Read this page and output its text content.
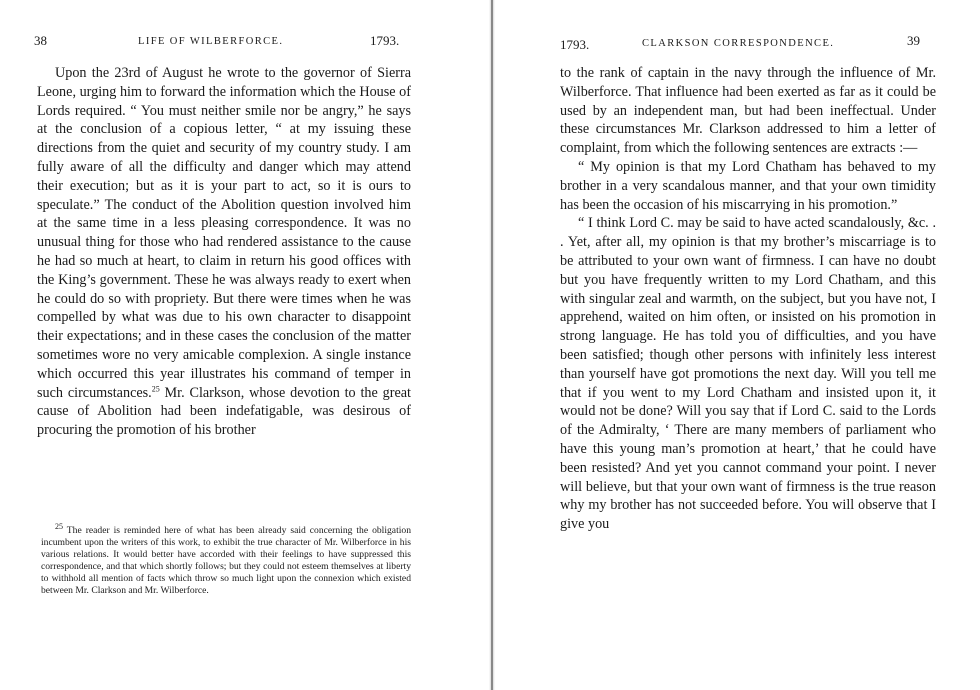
38	LIFE OF WILBERFORCE.	1793.

Upon the 23rd of August he wrote to the governor of Sierra Leone, urging him to forward the information which the House of Lords required. “ You must neither smile nor be angry,” he says at the conclusion of a copious letter, “ at my issuing these directions from the quiet and security of my country study. I am fully aware of all the difficulty and danger which may attend their execution; but as it is your part to act, so it is ours to speculate.” The conduct of the Abolition question involved him at the same time in a less pleasing correspondence. It was no unusual thing for those who had rendered assistance to the cause he had so much at heart, to claim in return his good offices with the King’s government. These he was always ready to exert when he could do so with propriety. But there were times when he was compelled by what was due to his own character to disappoint their expectations; and in these cases the conclusion of the matter sometimes wore no very amicable complexion. A single instance which occurred this year illustrates his command of temper in such circumstances.$^{25}$ Mr. Clarkson, whose devotion to the great cause of Abolition had been indefatigable, was desirous of procuring the promotion of his brother

$^{25}$ The reader is reminded here of what has been already said concerning the obligation incumbent upon the writers of this work, to exhibit the true character of Mr. Wilberforce in his various relations. It would better have accorded with their feelings to have suppressed this correspondence, and that which shortly follows; but they could not esteem themselves at liberty to withhold all mention of facts which throw so much light upon the connexion which existed between Mr. Clarkson and Mr. Wilberforce.

1793.	CLARKSON CORRESPONDENCE.	39

to the rank of captain in the navy through the influence of Mr. Wilberforce. That influence had been exerted as far as it could be used by an independent man, but had been ineffectual. Under these circumstances Mr. Clarkson addressed to him a letter of complaint, from which the following sentences are extracts :—

“ My opinion is that my Lord Chatham has behaved to my brother in a very scandalous manner, and that your own timidity has been the occasion of his miscarrying in his promotion.”

“ I think Lord C. may be said to have acted scandalously, &c. . . Yet, after all, my opinion is that my brother’s miscarriage is to be attributed to your own want of firmness. I can have no doubt but you have frequently written to my Lord Chatham, and this with singular zeal and warmth, on the subject, but you have not, I apprehend, waited on him often, or insisted on his promotion in strong language. He has told you of difficulties, and you have been satisfied; though other persons with infinitely less interest than yourself have got promotions the next day. Will you tell me that if you went to my Lord Chatham and insisted upon it, it would not be done? Will you say that if Lord C. said to the Lords of the Admiralty, ‘ There are many members of parliament who have this young man’s promotion at heart,’ that he could have been resisted? And yet you cannot command your point. I never will believe, but that your own want of firmness is the true reason why my brother has not succeeded before. You will observe that I give you
